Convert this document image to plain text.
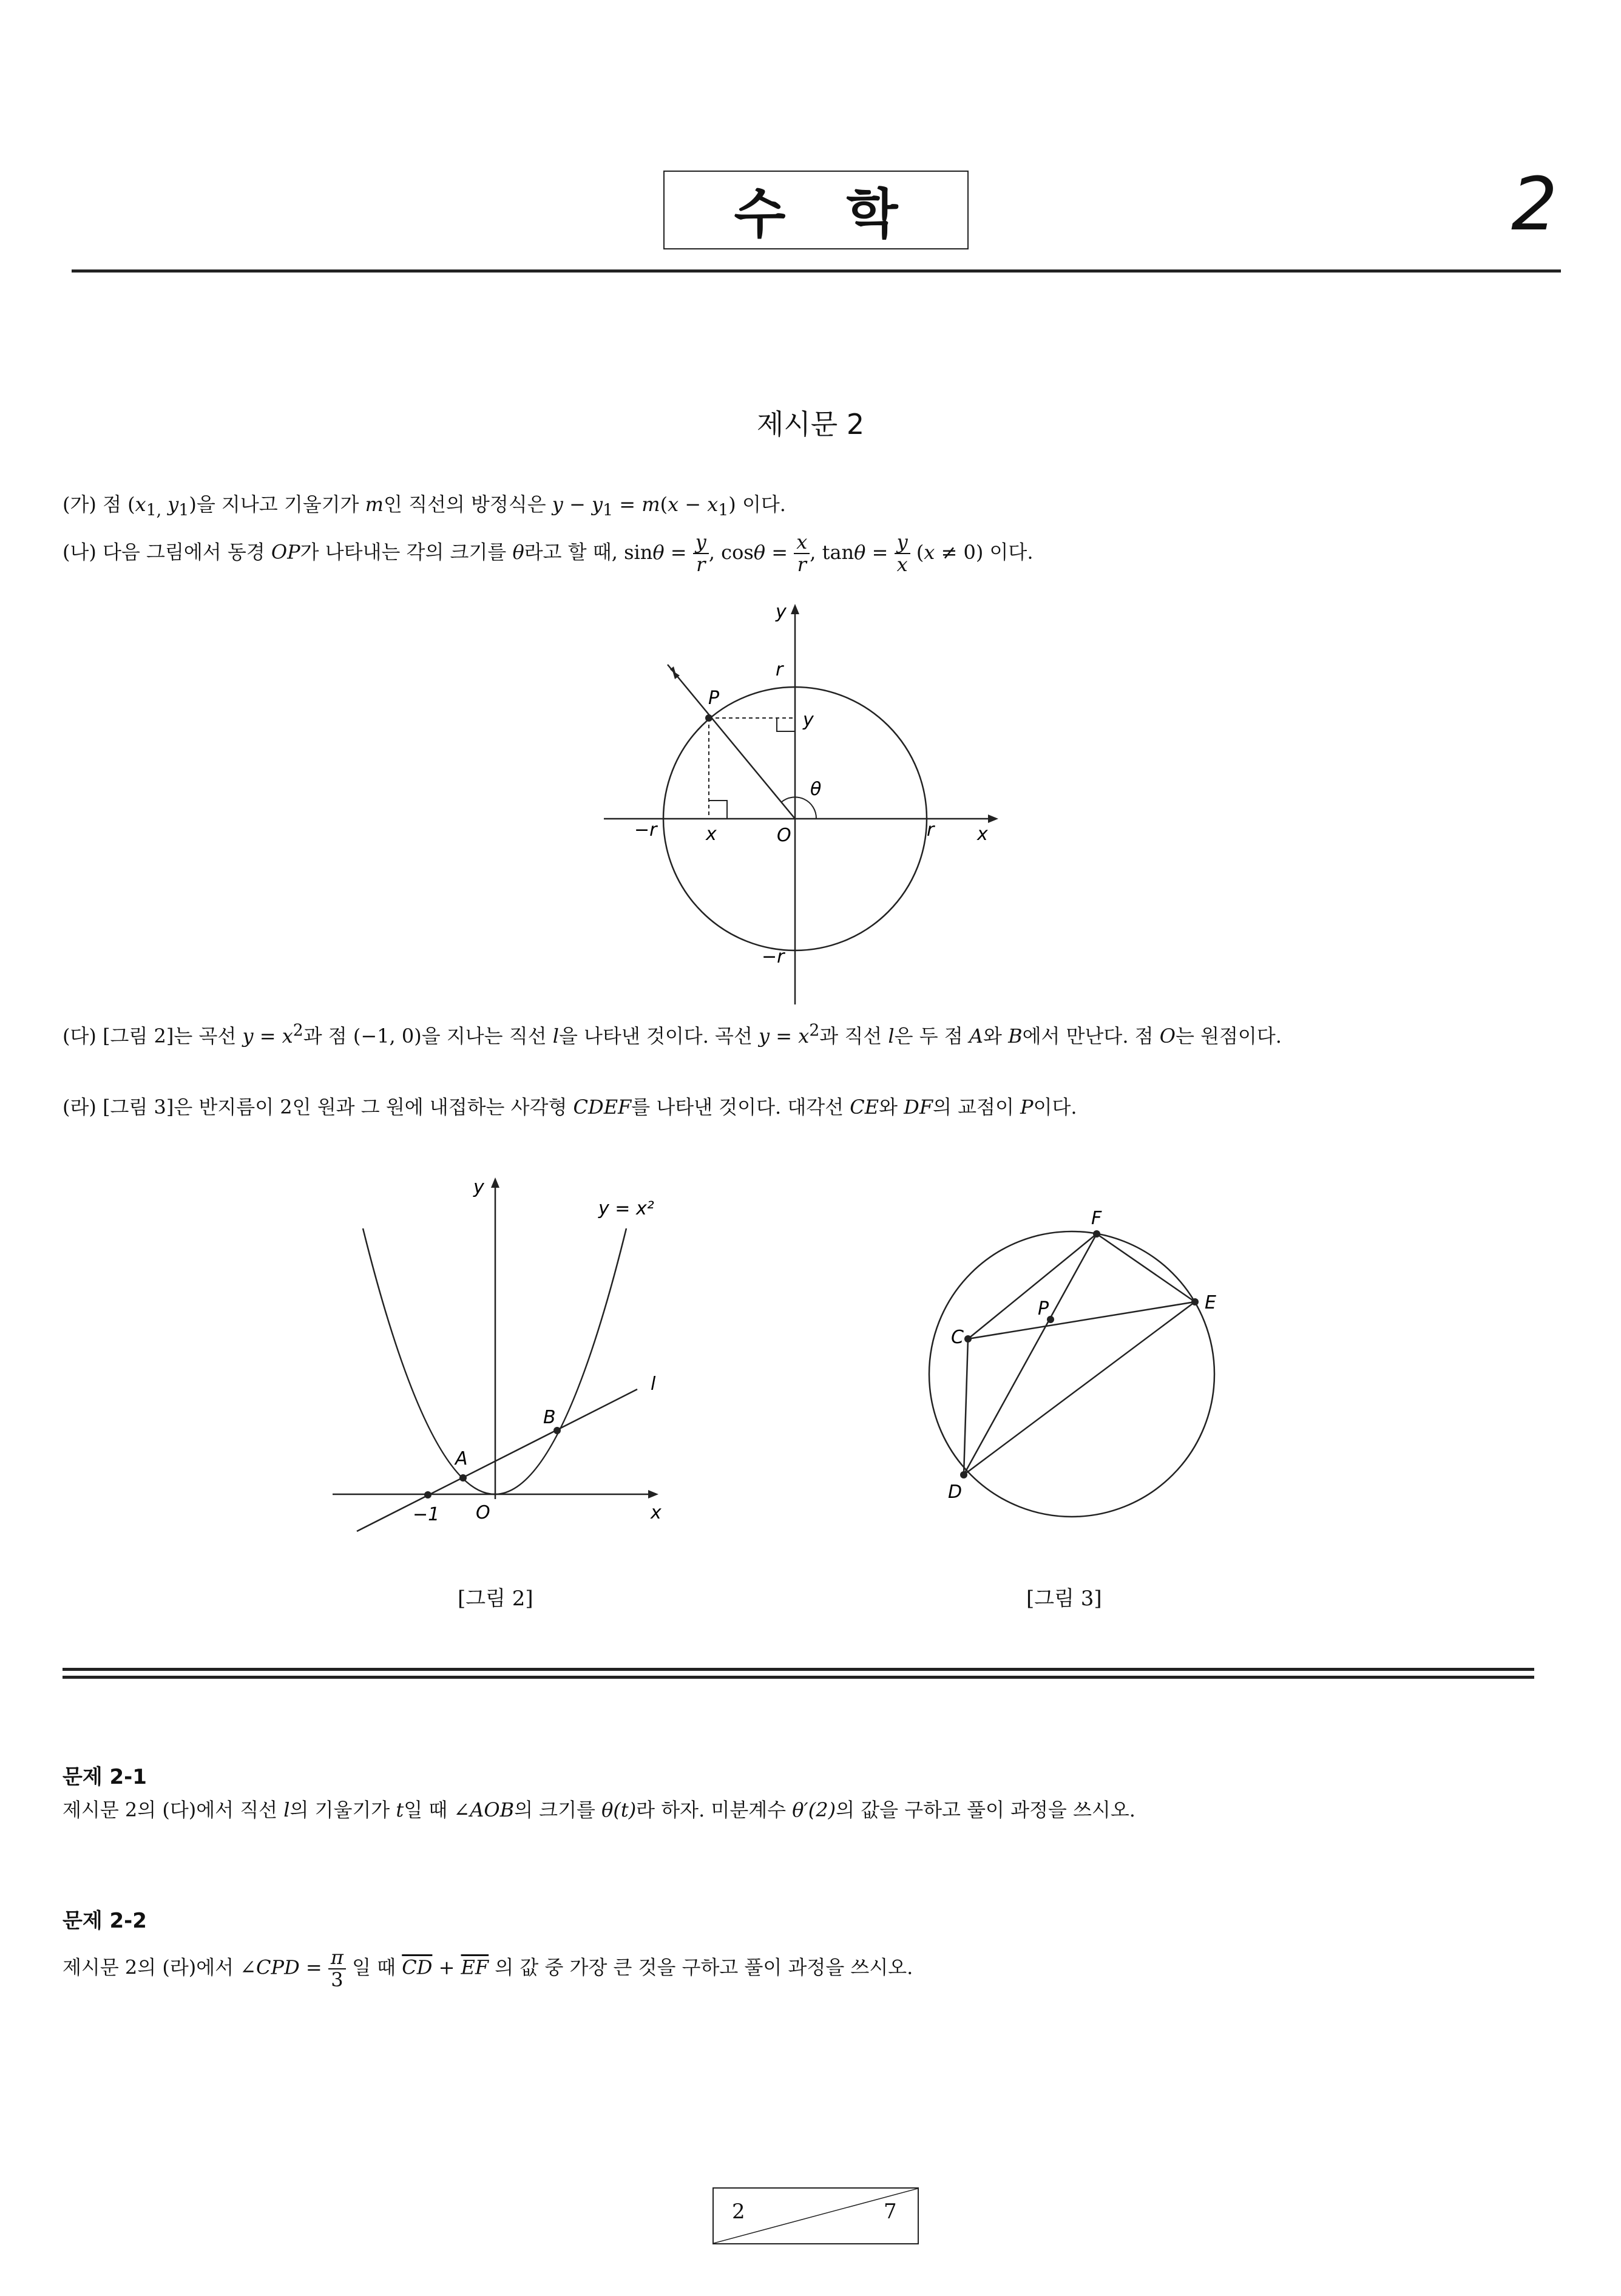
수학	2
제시문 2
(가) 점 ($x_{1,}$ $y_1$)을 지나고 기울기가 m인 직선의 방정식은 $y - y_1 = m(x - x_1)$ 이다.
(나) 다음 그림에서 동경 OP가 나타내는 각의 크기를 θ라고 할 때, $\sin\theta = \frac{y}{r}$ , $\cos\theta = \frac{x}{r}$ , $\tan\theta = \frac{y}{x} (x \ne 0)$ 이다.
y
r
P
y
θ
−r	x	O	r x
−r
(다) [그림 2]는 곡선 $y = x^2$과 점 (−1, 0)을 지나는 직선 l을 나타낸 것이다. 곡선 $y = x^2$과 직선 l은 두 점 A와 B에서 만난다. 점 O는 원점이다.
(라) [그림 3]은 반지름이 2인 원과 그 원에 내접하는 사각형 CDEF를 나타낸 것이다. 대각선 CE와 DF의 교점이 P이다.
y
y = x²
l
A
B
−1 O	x
[그림 2]
F
E
P
C
D
[그림 3]
문제 2-1
제시문 2의 (다)에서 직선 l의 기울기가 t일 때 ∠AOB의 크기를 θ(t)라 하자. 미분계수 θ′(2)의 값을 구하고 풀이 과정을 쓰시오.
문제 2-2
제시문 2의 (라)에서 ∠CPD = $\frac{\pi}{3}$ 일 때 $\overline{CD} + \overline{EF}$ 의 값 중 가장 큰 것을 구하고 풀이 과정을 쓰시오.
2	7
